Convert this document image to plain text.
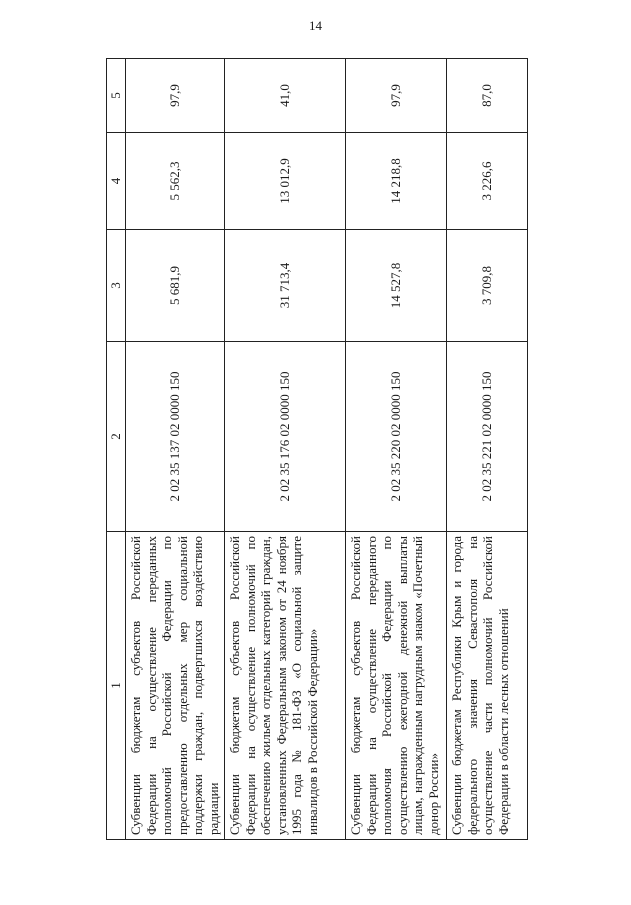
14
1	2	3	4	5
Субвенции бюджетам субъектов Российской Федерации на осуществление переданных полномочий Российской Федерации по предоставлению отдельных мер социальной поддержки граждан, подвергшихся воздействию радиации	2 02 35 137 02 0000 150	5 681,9	5 562,3	97,9
Субвенции бюджетам субъектов Российской Федерации на осуществление полномочий по обеспечению жильем отдельных категорий граждан, установленных Федеральным законом от 24 ноября 1995 года № 181-ФЗ «О социальной защите инвалидов в Российской Федерации»	2 02 35 176 02 0000 150	31 713,4	13 012,9	41,0
Субвенции бюджетам субъектов Российской Федерации на осуществление переданного полномочия Российской Федерации по осуществлению ежегодной денежной выплаты лицам, награжденным нагрудным знаком «Почетный донор России»	2 02 35 220 02 0000 150	14 527,8	14 218,8	97,9
Субвенции бюджетам Республики Крым и города федерального значения Севастополя на осуществление части полномочий Российской Федерации в области лесных отношений	2 02 35 221 02 0000 150	3 709,8	3 226,6	87,0
